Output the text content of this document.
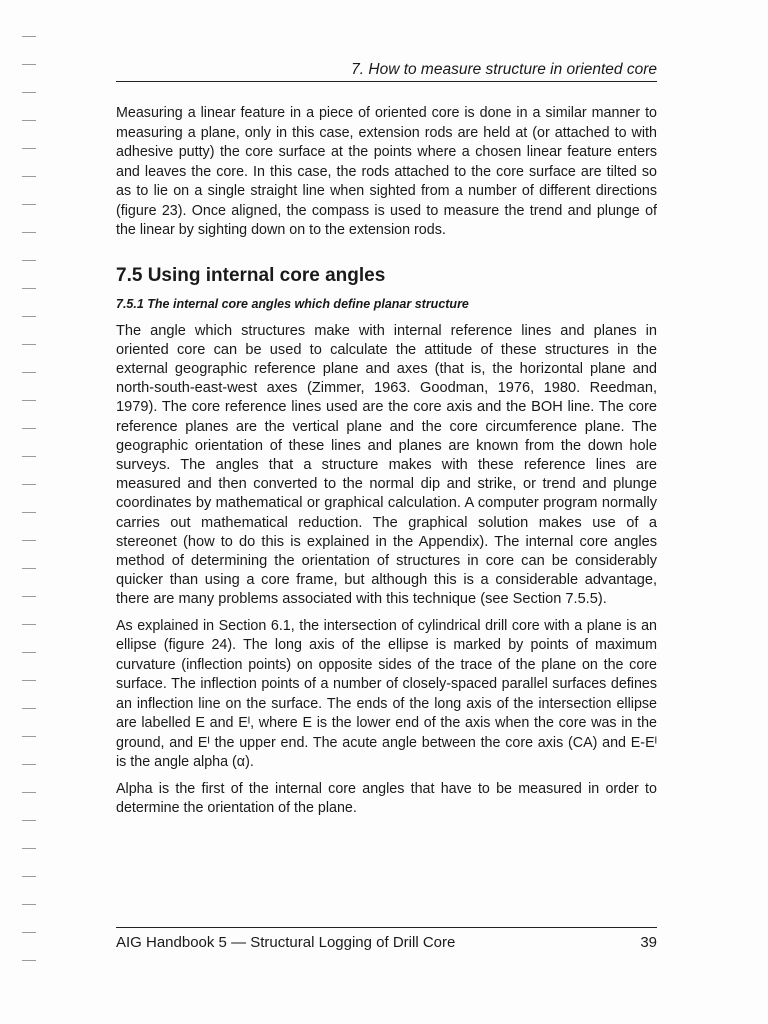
7. How to measure structure in oriented core

Measuring a linear feature in a piece of oriented core is done in a similar manner to measuring a plane, only in this case, extension rods are held at (or attached to with adhesive putty) the core surface at the points where a chosen linear feature enters and leaves the core. In this case, the rods attached to the core surface are tilted so as to lie on a single straight line when sighted from a number of different directions (figure 23). Once aligned, the compass is used to measure the trend and plunge of the linear by sighting down on to the extension rods.

7.5 Using internal core angles
7.5.1 The internal core angles which define planar structure

The angle which structures make with internal reference lines and planes in oriented core can be used to calculate the attitude of these structures in the external geographic reference plane and axes (that is, the horizontal plane and north-south-east-west axes (Zimmer, 1963. Goodman, 1976, 1980. Reedman, 1979). The core reference lines used are the core axis and the BOH line. The core reference planes are the vertical plane and the core circumference plane. The geographic orientation of these lines and planes are known from the down hole surveys. The angles that a structure makes with these reference lines are measured and then converted to the normal dip and strike, or trend and plunge coordinates by mathematical or graphical calculation. A computer program normally carries out mathematical reduction. The graphical solution makes use of a stereonet (how to do this is explained in the Appendix). The internal core angles method of determining the orientation of structures in core can be considerably quicker than using a core frame, but although this is a considerable advantage, there are many problems associated with this technique (see Section 7.5.5).

As explained in Section 6.1, the intersection of cylindrical drill core with a plane is an ellipse (figure 24). The long axis of the ellipse is marked by points of maximum curvature (inflection points) on opposite sides of the trace of the plane on the core surface. The inflection points of a number of closely-spaced parallel surfaces defines an inflection line on the surface. The ends of the long axis of the intersection ellipse are labelled E and Eᴵ, where E is the lower end of the axis when the core was in the ground, and Eᴵ the upper end. The acute angle between the core axis (CA) and E-Eᴵ is the angle alpha (α).

Alpha is the first of the internal core angles that have to be measured in order to determine the orientation of the plane.

AIG Handbook 5 — Structural Logging of Drill Core	39
